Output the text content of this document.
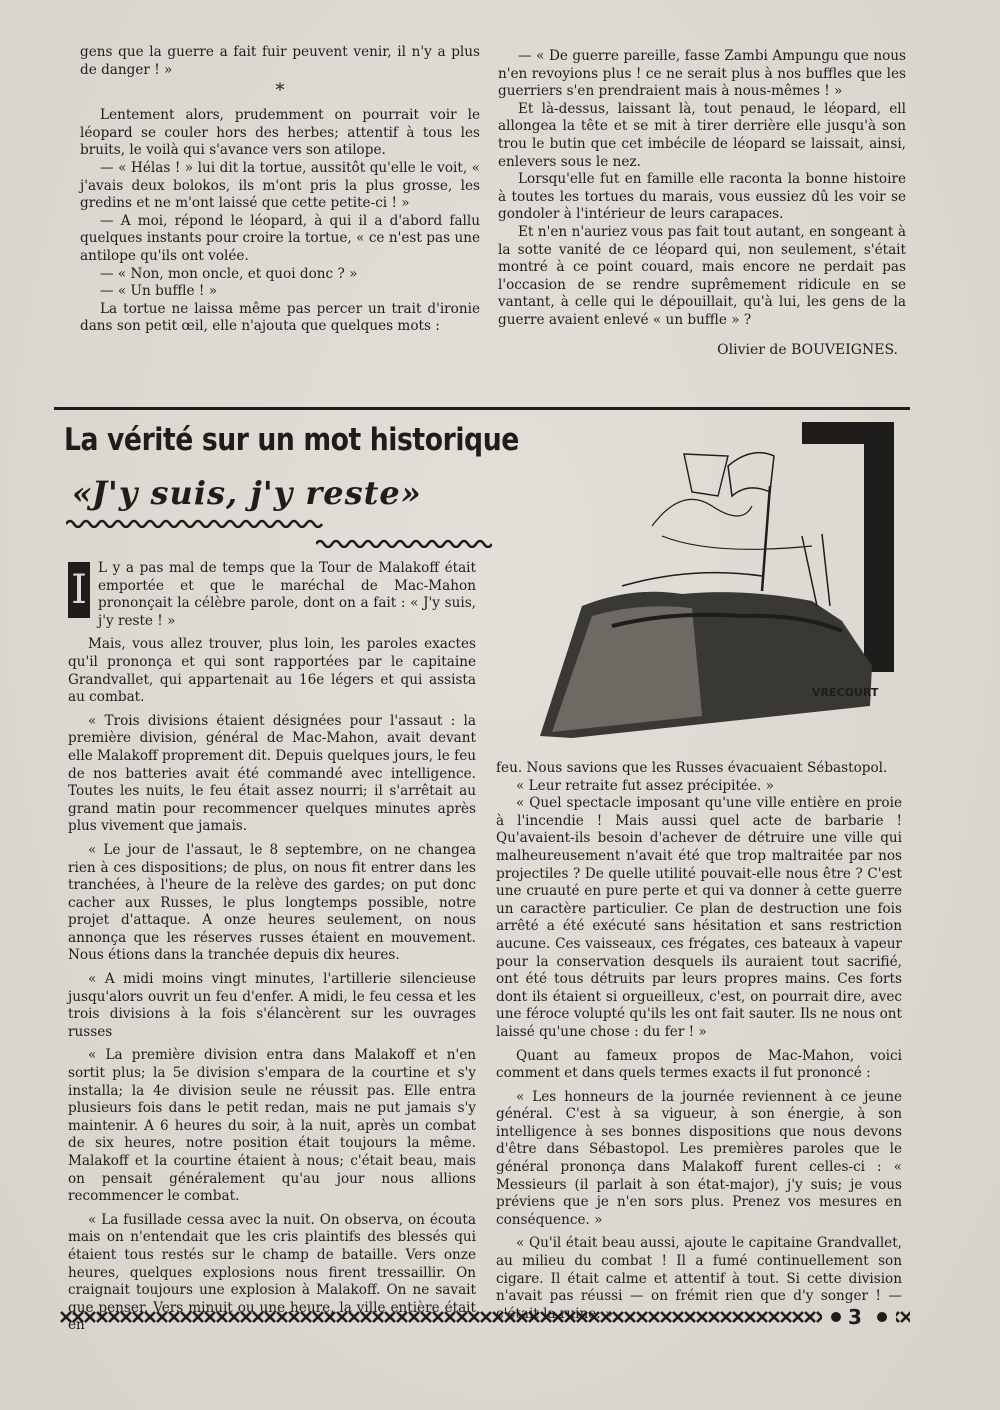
gens que la guerre a fait fuir peuvent venir, il n'y a plus de danger ! »

*

Lentement alors, prudemment on pourrait voir le léopard se couler hors des herbes; attentif à tous les bruits, le voilà qui s'avance vers son atilope.

— « Hélas ! » lui dit la tortue, aussitôt qu'elle le voit, « j'avais deux bolokos, ils m'ont pris la plus grosse, les gredins et ne m'ont laissé que cette petite-ci ! »

— A moi, répond le léopard, à qui il a d'abord fallu quelques instants pour croire la tortue, « ce n'est pas une antilope qu'ils ont volée.

— « Non, mon oncle, et quoi donc ? »

— « Un buffle ! »

La tortue ne laissa même pas percer un trait d'ironie dans son petit œil, elle n'ajouta que quelques mots :

— « De guerre pareille, fasse Zambi Ampungu que nous n'en revoyions plus ! ce ne serait plus à nos buffles que les guerriers s'en prendraient mais à nous-mêmes ! »

Et là-dessus, laissant là, tout penaud, le léopard, ell allongea la tête et se mit à tirer derrière elle jusqu'à son trou le butin que cet imbécile de léopard se laissait, ainsi, enlevers sous le nez.

Lorsqu'elle fut en famille elle raconta la bonne histoire à toutes les tortues du marais, vous eussiez dû les voir se gondoler à l'intérieur de leurs carapaces.

Et n'en n'auriez vous pas fait tout autant, en songeant à la sotte vanité de ce léopard qui, non seulement, s'était montré à ce point couard, mais encore ne perdait pas l'occasion de se rendre suprêmement ridicule en se vantant, à celle qui le dépouillait, qu'à lui, les gens de la guerre avaient enlevé « un buffle » ?

Olivier de BOUVEIGNES.
La vérité sur un mot historique
«J'y suis, j'y reste»

I L y a pas mal de temps que la Tour de Malakoff était emportée et que le maréchal de Mac-Mahon prononçait la célèbre parole, dont on a fait : « J'y suis, j'y reste ! »

Mais, vous allez trouver, plus loin, les paroles exactes qu'il prononça et qui sont rapportées par le capitaine Grandvallet, qui appartenait au 16e légers et qui assista au combat.

« Trois divisions étaient désignées pour l'assaut : la première division, général de Mac-Mahon, avait devant elle Malakoff proprement dit. Depuis quelques jours, le feu de nos batteries avait été commandé avec intelligence. Toutes les nuits, le feu était assez nourri; il s'arrêtait au grand matin pour recommencer quelques minutes après plus vivement que jamais.

« Le jour de l'assaut, le 8 septembre, on ne changea rien à ces dispositions; de plus, on nous fit entrer dans les tranchées, à l'heure de la relève des gardes; on put donc cacher aux Russes, le plus longtemps possible, notre projet d'attaque. A onze heures seulement, on nous annonça que les réserves russes étaient en mouvement. Nous étions dans la tranchée depuis dix heures.

« A midi moins vingt minutes, l'artillerie silencieuse jusqu'alors ouvrit un feu d'enfer. A midi, le feu cessa et les trois divisions à la fois s'élancèrent sur les ouvrages russes

« La première division entra dans Malakoff et n'en sortit plus; la 5e division s'empara de la courtine et s'y installa; la 4e division seule ne réussit pas. Elle entra plusieurs fois dans le petit redan, mais ne put jamais s'y maintenir. A 6 heures du soir, à la nuit, après un combat de six heures, notre position était toujours la même. Malakoff et la courtine étaient à nous; c'était beau, mais on pensait généralement qu'au jour nous allions recommencer le combat.

« La fusillade cessa avec la nuit. On observa, on écouta mais on n'entendait que les cris plaintifs des blessés qui étaient tous restés sur le champ de bataille. Vers onze heures, quelques explosions nous firent tressaillir. On craignait toujours une explosion à Malakoff. On ne savait

VRECOURT

feu. Nous savions que les Russes évacuaient Sébastopol.

« Leur retraite fut assez précipitée. »

« Quel spectacle imposant qu'une ville entière en proie à l'incendie ! Mais aussi quel acte de barbarie ! Qu'avaient-ils besoin d'achever de détruire une ville qui malheureusement n'avait été que trop maltraitée par nos projectiles ? De quelle utilité pouvait-elle nous être ? C'est une cruauté en pure perte et qui va donner à cette guerre un caractère particulier. Ce plan de destruction une fois arrêté a été exécuté sans hésitation et sans restriction aucune. Ces vaisseaux, ces frégates, ces bateaux à vapeur pour la conservation desquels ils auraient tout sacrifié, ont été tous détruits par leurs propres mains. Ces forts dont ils étaient si orgueilleux, c'est, on pourrait dire, avec une féroce volupté qu'ils les ont fait sauter. Ils ne nous ont laissé qu'une chose : du fer ! »

Quant au fameux propos de Mac-Mahon, voici comment et dans quels termes exacts il fut prononcé :

« Les honneurs de la journée reviennent à ce jeune général. C'est à sa vigueur, à son énergie, à son intelligence à ses bonnes dispositions que nous devons d'être dans Sébastopol. Les premières paroles que le général prononça dans Malakoff furent celles-ci : « Messieurs (il parlait à son état-major), j'y suis; je vous préviens que je n'en sors plus. Prenez vos mesures en conséquence. »

« Qu'il était beau aussi, ajoute le capitaine Grandvallet, au milieu du combat ! Il a fumé continuellement son cigare. Il était calme et attentif à tout. Si cette division n'avait pas réussi — on frémit rien que d'y songer ! —

3
